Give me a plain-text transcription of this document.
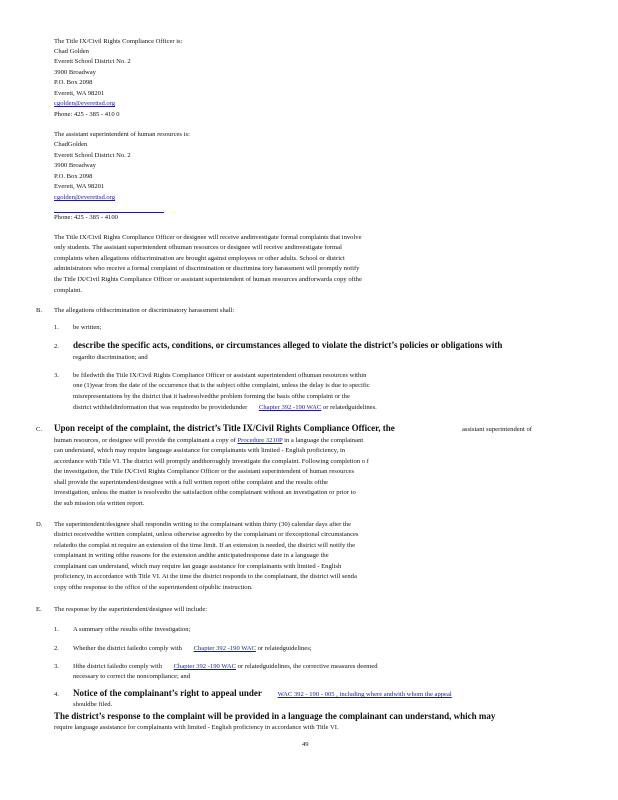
The Title IX/Civil Rights Compliance Officer is:
Chad Golden
Everett School District No. 2
3900 Broadway
P.O. Box 2098
Everett, WA 98201
cgolden@everettsd.org
Phone: 425 - 385 - 410 0
The assistant superintendent of human resources is:
ChadGolden
Everett School District No. 2
3900 Broadway
P.O. Box 2098
Everett, WA 98201
cgolden@everettsd.org
Phone: 425 - 385 - 4100
The Title IX/Civil Rights Compliance Officer or designee will receive andinvestigate formal complaints that involve
only students. The assistant superintendent ofhuman resources or designee will receive andinvestigate formal
complaints when allegations ofdiscrimination are brought against employees or other adults. School or district
administrators who receive a formal complaint of discrimination or discrimina tory harassment will promptly notify
the Title IX/Civil Rights Compliance Officer or assistant superintendent of human resources andforwarda copy ofthe
complaint.
B. The allegations ofdiscrimination or discriminatory harassment shall:
1. be written;
2. describe the specific acts, conditions, or circumstances alleged to violate the district’s policies or obligations with
regardto discrimination; and
3. be filedwith the Title IX/Civil Rights Compliance Officer or assistant superintendent ofhuman resources within
one (1)year from the date of the occurrence that is the subject ofthe complaint, unless the delay is due to specific
misrepresentations by the district that it hadresolvedthe problem forming the basis ofthe complaint or the
district withheldinformation that was requiredto be providedunder Chapter 392 -190 WAC or relatedguidelines.
C. Upon receipt of the complaint, the district’s Title IX/Civil Rights Compliance Officer, the	assistant superintendent of
human resources, or designee will provide the complainant a copy of Procedure 3210P in a language the complainant
can understand, which may require language assistance for complainants with limited - English proficiency, in
accordance with Title VI. The district will promptly andthoroughly investigate the complaint. Following completion o f
the investigation, the Title IX/Civil Rights Compliance Officer or the assistant superintendent of human resources
shall provide the superintendent/designee with a full written report ofthe complaint and the results ofthe
investigation, unless the matter is resolvedto the satisfaction ofthe complainant without an investigation or prior to
the sub mission ofa written report.
D. The superintendent/designee shall respondin writing to the complainant within thirty (30) calendar days after the
district receivedthe written complaint, unless otherwise agreedto by the complainant or ifexceptional circumstances
relatedto the complai nt require an extension of the time limit. If an extension is needed, the district will notify the
complainant in writing ofthe reasons for the extension andthe anticipatedresponse date in a language the
complainant can understand, which may require lan guage assistance for complainants with limited - English
proficiency, in accordance with Title VI. At the time the district responds to the complainant, the district will senda
copy ofthe response to the office of the superintendent ofpublic instruction.
E. The response by the superintendent/designee will include:
1. A summary ofthe results ofthe investigation;
2. Whether the district failedto comply with Chapter 392 -190 WAC or relatedguidelines;
3. Ifthe district failedto comply with Chapter 392 -190 WAC or relatedguidelines, the corrective measures deemed
necessary to correct the noncompliance; and
4. Notice of the complainant’s right to appeal under WAC 392 - 190 - 005 , including where andwith whom the appeal
shouldbe filed.
The district’s response to the complaint will be provided in a language the complainant can understand, which may
require language assistance for complainants with limited - English proficiency in accordance with Title VI.
49
